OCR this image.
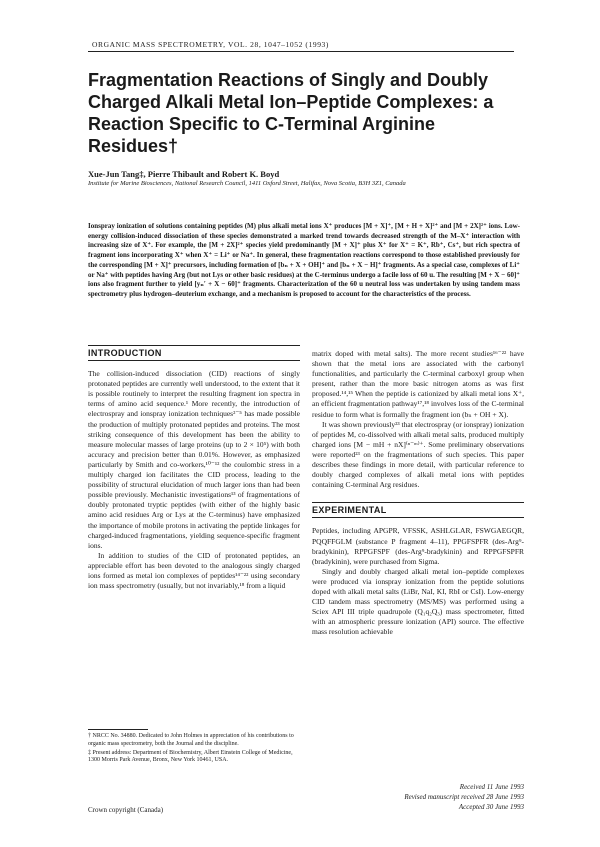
ORGANIC MASS SPECTROMETRY, VOL. 28, 1047–1052 (1993)
Fragmentation Reactions of Singly and Doubly Charged Alkali Metal Ion–Peptide Complexes: a Reaction Specific to C-Terminal Arginine Residues†
Xue-Jun Tang‡, Pierre Thibault and Robert K. Boyd
Institute for Marine Biosciences, National Research Council, 1411 Oxford Street, Halifax, Nova Scotia, B3H 3Z1, Canada

Ionspray ionization of solutions containing peptides (M) plus alkali metal ions X⁺ produces [M + X]⁺, [M + H + X]²⁺ and [M + 2X]²⁺ ions. Low-energy collision-induced dissociation of these species demonstrated a marked trend towards decreased strength of the M–X⁺ interaction with increasing size of X⁺. For example, the [M + 2X]²⁺ species yield predominantly [M + X]⁺ plus X⁺ for X⁺ = K⁺, Rb⁺, Cs⁺, but rich spectra of fragment ions incorporating X⁺ when X⁺ = Li⁺ or Na⁺. In general, these fragmentation reactions correspond to those established previously for the corresponding [M + X]⁺ precursors, including formation of [bₙ + X + OH]⁺ and [bₙ + X − H]⁺ fragments. As a special case, complexes of Li⁺ or Na⁺ with peptides having Arg (but not Lys or other basic residues) at the C-terminus undergo a facile loss of 60 u. The resulting [M + X − 60]⁺ ions also fragment further to yield [yₙ′ + X − 60]⁺ fragments. Characterization of the 60 u neutral loss was undertaken by using tandem mass spectrometry plus hydrogen–deuterium exchange, and a mechanism is proposed to account for the characteristics of the process.

INTRODUCTION

The collision-induced dissociation (CID) reactions of singly protonated peptides are currently well understood, to the extent that it is possible routinely to interpret the resulting fragment ion spectra in terms of amino acid sequence.¹ More recently, the introduction of electrospray and ionspray ionization techniques²⁻⁵ has made possible the production of multiply protonated peptides and proteins. The most striking consequence of this development has been the ability to measure molecular masses of large proteins (up to 2 × 10⁵) with both accuracy and precision better than 0.01%. However, as emphasized particularly by Smith and co-workers,¹⁰⁻¹² the coulombic stress in a multiply charged ion facilitates the CID process, leading to the possibility of structural elucidation of much larger ions than had been possible previously. Mechanistic investigations¹³ of fragmentations of doubly protonated tryptic peptides (with either of the highly basic amino acid residues Arg or Lys at the C-terminus) have emphasized the importance of mobile protons in activating the peptide linkages for charged-induced fragmentations, yielding sequence-specific fragment ions.

In addition to studies of the CID of protonated peptides, an appreciable effort has been devoted to the analogous singly charged ions formed as metal ion complexes of peptides¹⁴⁻²² using secondary ion mass spectrometry (usually, but not invariably,¹⁸ from a liquid

† NRCC No. 34880. Dedicated to John Holmes in appreciation of his contributions to organic mass spectrometry, both the Journal and the discipline.

‡ Present address: Department of Biochemistry, Albert Einstein College of Medicine, 1300 Morris Park Avenue, Bronx, New York 10461, USA.

Crown copyright (Canada)

matrix doped with metal salts). The more recent studies¹⁶⁻²² have shown that the metal ions are associated with the carbonyl functionalities, and particularly the C-terminal carboxyl group when present, rather than the more basic nitrogen atoms as was first proposed.¹⁴,¹⁵ When the peptide is cationized by alkali metal ions X⁺, an efficient fragmentation pathway¹⁷,¹⁸ involves loss of the C-terminal residue to form what is formally the fragment ion (bₙ + OH + X).

It was shown previously²³ that electrospray (or ionspray) ionization of peptides M, co-dissolved with alkali metal salts, produced multiply charged ions [M − mH + nX]⁽ⁿ⁻ᵐ⁾⁺. Some preliminary observations were reported²³ on the fragmentations of such species. This paper describes these findings in more detail, with particular reference to doubly charged complexes of alkali metal ions with peptides containing C-terminal Arg residues.

EXPERIMENTAL

Peptides, including APGPR, VFSSK, ASHLGLAR, FSWGAEGQR, PQQFFGLM (substance P fragment 4–11), PPGFSPFR (des-Arg⁹-bradykinin), RPPGFSPF (des-Arg⁹-bradykinin) and RPPGFSPFR (bradykinin), were purchased from Sigma.

Singly and doubly charged alkali metal ion–peptide complexes were produced via ionspray ionization from the peptide solutions doped with alkali metal salts (LiBr, NaI, KI, RbI or CsI). Low-energy CID tandem mass spectrometry (MS/MS) was performed using a Sciex API III triple quadrupole (Q₁q₂Q₃) mass spectrometer, fitted with an atmospheric pressure ionization (API) source. The effective mass resolution achievable

Received 11 June 1993
Revised manuscript received 28 June 1993
Accepted 30 June 1993
